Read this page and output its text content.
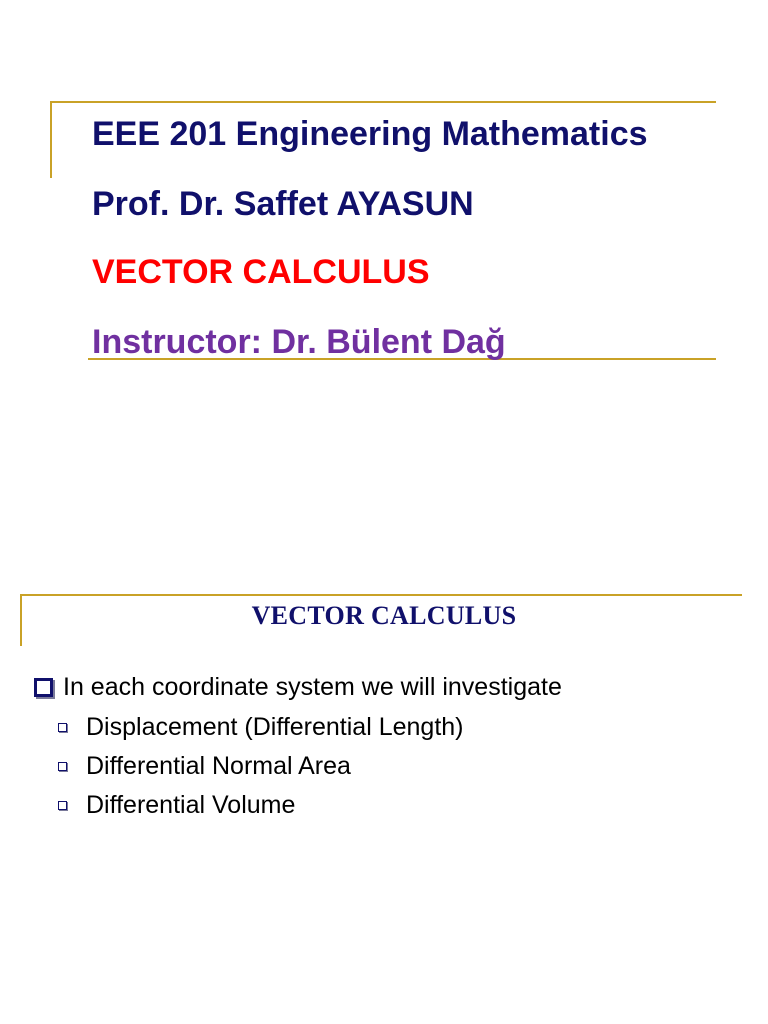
EEE 201 Engineering Mathematics
Prof. Dr. Saffet AYASUN
VECTOR CALCULUS
Instructor: Dr. Bülent Dağ
VECTOR CALCULUS
In each coordinate system we will investigate
Displacement (Differential Length)
Differential Normal Area
Differential Volume
